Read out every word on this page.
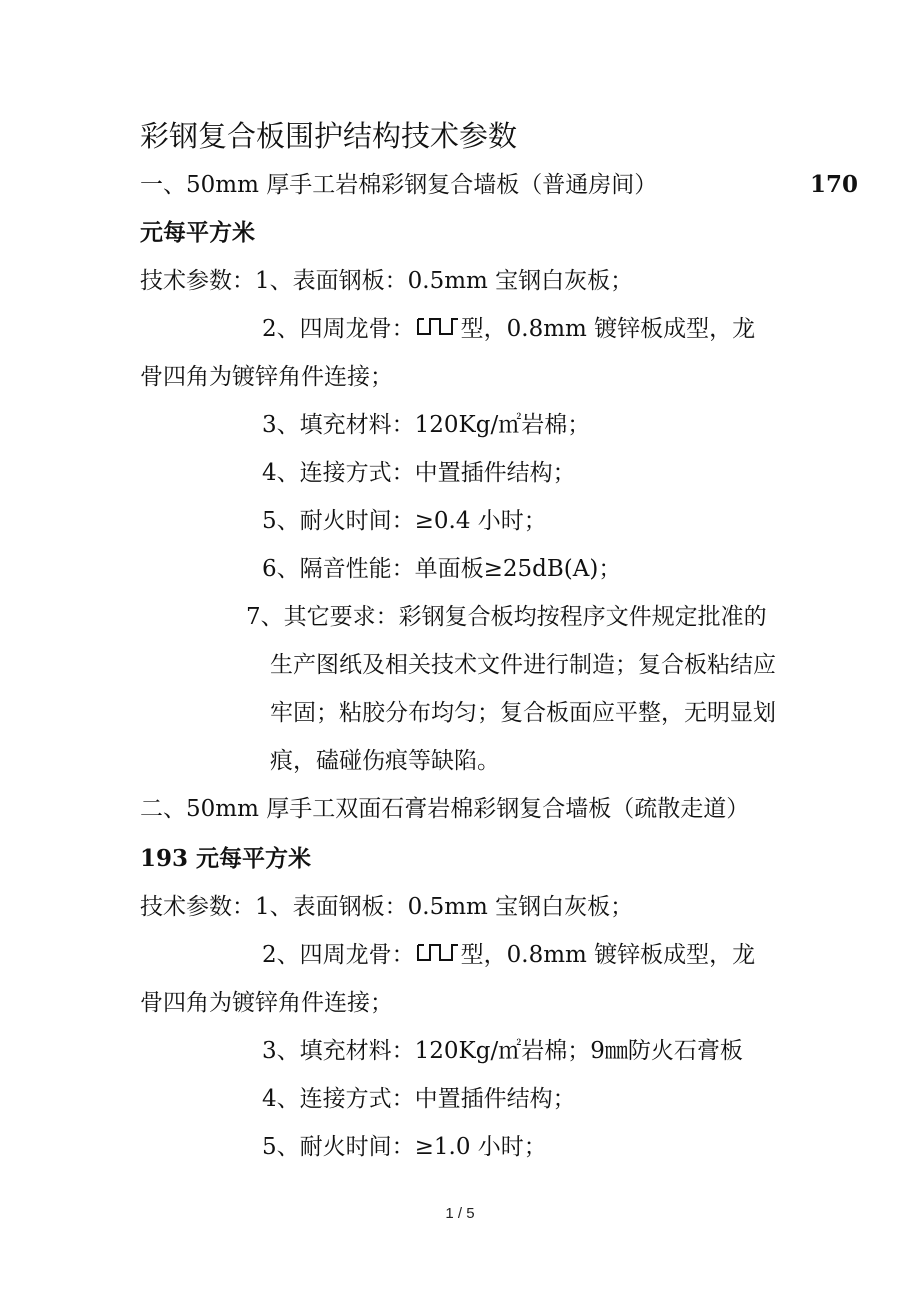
彩钢复合板围护结构技术参数
一、50mm 厚手工岩棉彩钢复合墙板（普通房间）	170
元每平方米
技术参数：1、表面钢板：0.5mm 宝钢白灰板；
2、四周龙骨： 型，0.8mm 镀锌板成型，龙
骨四角为镀锌角件连接；
3、填充材料：120Kg/㎡岩棉；
4、连接方式：中置插件结构；
5、耐火时间：≥0.4 小时；
6、隔音性能：单面板≥25dB(A)；
7、其它要求：彩钢复合板均按程序文件规定批准的
生产图纸及相关技术文件进行制造；复合板粘结应
牢固；粘胶分布均匀；复合板面应平整，无明显划
痕，磕碰伤痕等缺陷。
二、50mm 厚手工双面石膏岩棉彩钢复合墙板（疏散走道）
193 元每平方米
技术参数：1、表面钢板：0.5mm 宝钢白灰板；
2、四周龙骨： 型，0.8mm 镀锌板成型，龙
骨四角为镀锌角件连接；
3、填充材料：120Kg/㎡岩棉；9㎜防火石膏板
4、连接方式：中置插件结构；
5、耐火时间：≥1.0 小时；
1 / 5
